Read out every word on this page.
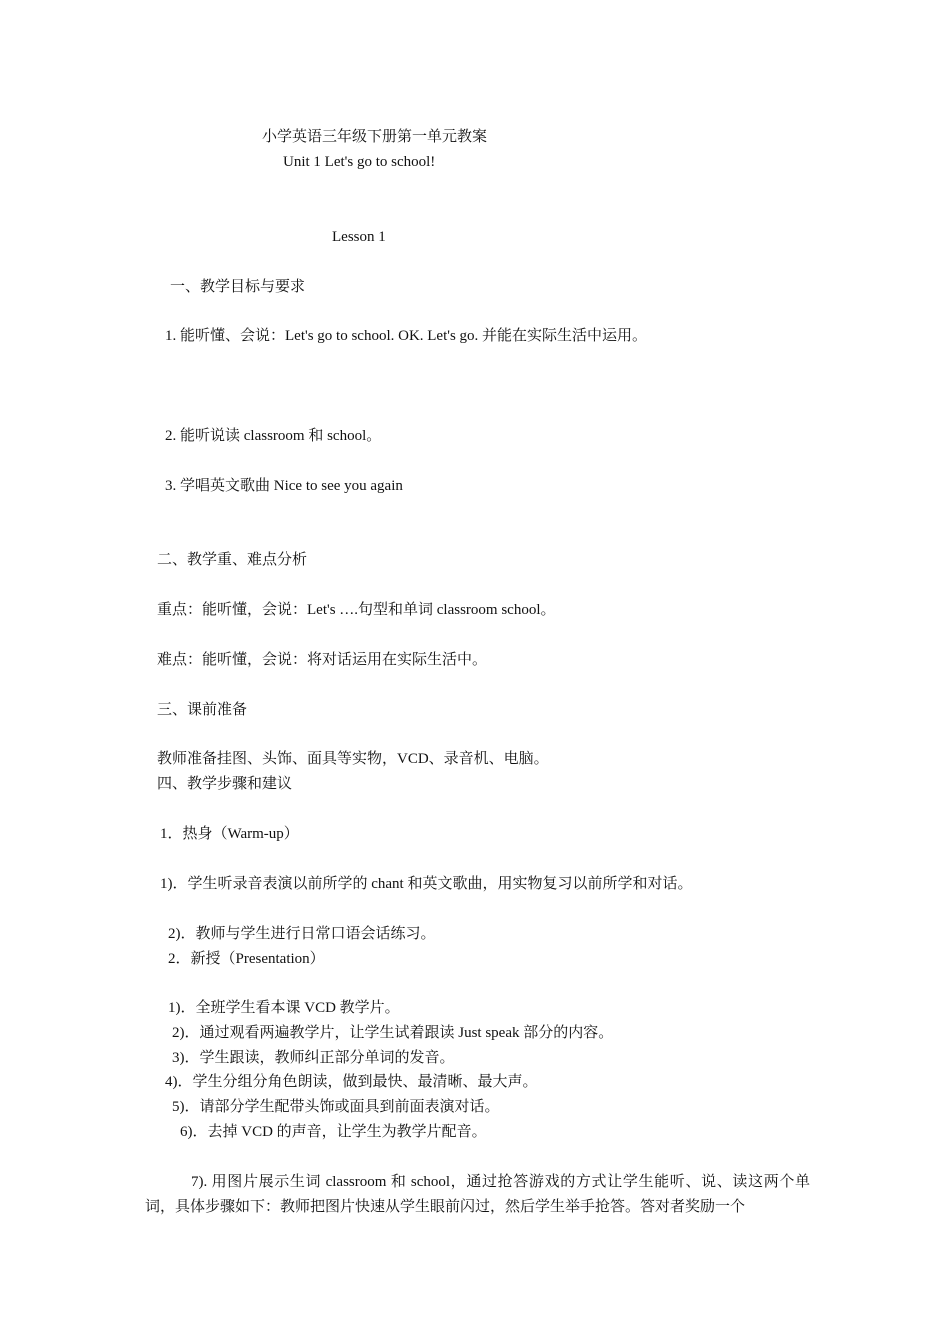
小学英语三年级下册第一单元教案
Unit 1 Let's go to school!
Lesson 1
一、教学目标与要求
1. 能听懂、会说：Let's go to school. OK. Let's go. 并能在实际生活中运用。
2. 能听说读 classroom 和 school。
3. 学唱英文歌曲 Nice to see you again
二、教学重、难点分析
重点：能听懂，会说：Let's ….句型和单词 classroom school。
难点：能听懂，会说：将对话运用在实际生活中。
三、课前准备
教师准备挂图、头饰、面具等实物，VCD、录音机、电脑。
四、教学步骤和建议
1．热身（Warm-up）
1)．学生听录音表演以前所学的 chant 和英文歌曲，用实物复习以前所学和对话。
2)．教师与学生进行日常口语会话练习。
2．新授（Presentation）
1)．全班学生看本课 VCD 教学片。
2)．通过观看两遍教学片，让学生试着跟读 Just speak 部分的内容。
3)．学生跟读，教师纠正部分单词的发音。
4)．学生分组分角色朗读，做到最快、最清晰、最大声。
5)．请部分学生配带头饰或面具到前面表演对话。
6)．去掉 VCD 的声音，让学生为教学片配音。
7). 用图片展示生词 classroom 和 school，通过抢答游戏的方式让学生能听、说、读这两个单词，具体步骤如下：教师把图片快速从学生眼前闪过，然后学生举手抢答。答对者奖励一个
